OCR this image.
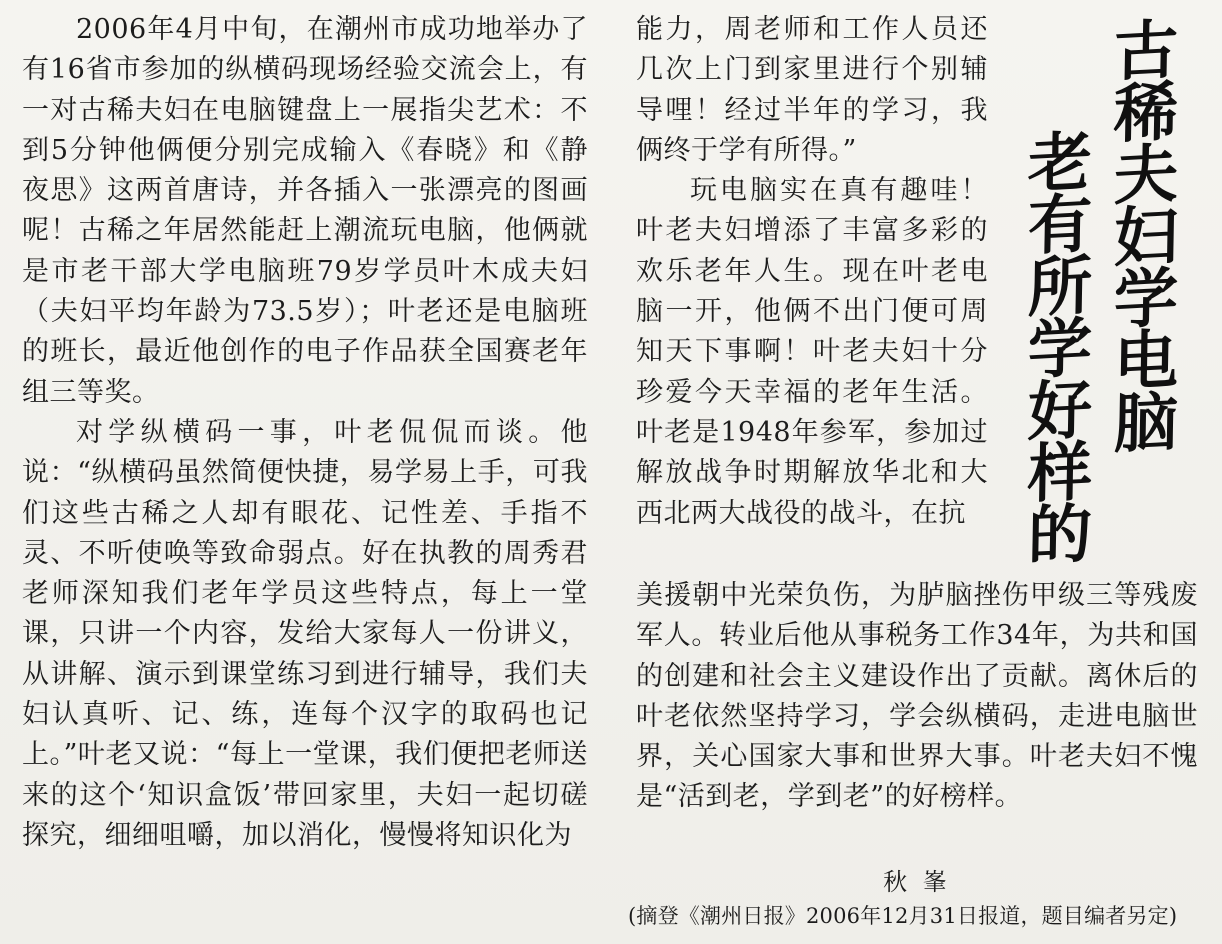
2006年4月中旬，在潮州市成功地举办了有16省市参加的纵横码现场经验交流会上，有一对古稀夫妇在电脑键盘上一展指尖艺术：不到5分钟他俩便分别完成输入《春晓》和《静夜思》这两首唐诗，并各插入一张漂亮的图画呢！古稀之年居然能赶上潮流玩电脑，他俩就是市老干部大学电脑班79岁学员叶木成夫妇（夫妇平均年龄为73.5岁）；叶老还是电脑班的班长，最近他创作的电子作品获全国赛老年组三等奖。

对学纵横码一事，叶老侃侃而谈。他说：“纵横码虽然简便快捷，易学易上手，可我们这些古稀之人却有眼花、记性差、手指不灵、不听使唤等致命弱点。好在执教的周秀君老师深知我们老年学员这些特点，每上一堂课，只讲一个内容，发给大家每人一份讲义，从讲解、演示到课堂练习到进行辅导，我们夫妇认真听、记、练，连每个汉字的取码也记上。”叶老又说：“每上一堂课，我们便把老师送来的这个‘知识盒饭’带回家里，夫妇一起切磋探究，细细咀嚼，加以消化，慢慢将知识化为

能力，周老师和工作人员还几次上门到家里进行个别辅导哩！经过半年的学习，我俩终于学有所得。”

玩电脑实在真有趣哇！叶老夫妇增添了丰富多彩的欢乐老年人生。现在叶老电脑一开，他俩不出门便可周知天下事啊！叶老夫妇十分珍爱今天幸福的老年生活。叶老是1948年参军，参加过解放战争时期解放华北和大西北两大战役的战斗，在抗

古
稀
夫
妇
学
电
脑
老
有
所
学
好
样
的

美援朝中光荣负伤，为胪脑挫伤甲级三等残废军人。转业后他从事税务工作34年，为共和国的创建和社会主义建设作出了贡献。离休后的叶老依然坚持学习，学会纵横码，走进电脑世界，关心国家大事和世界大事。叶老夫妇不愧是“活到老，学到老”的好榜样。

秋 峯
(摘登《潮州日报》2006年12月31日报道，题目编者另定)
